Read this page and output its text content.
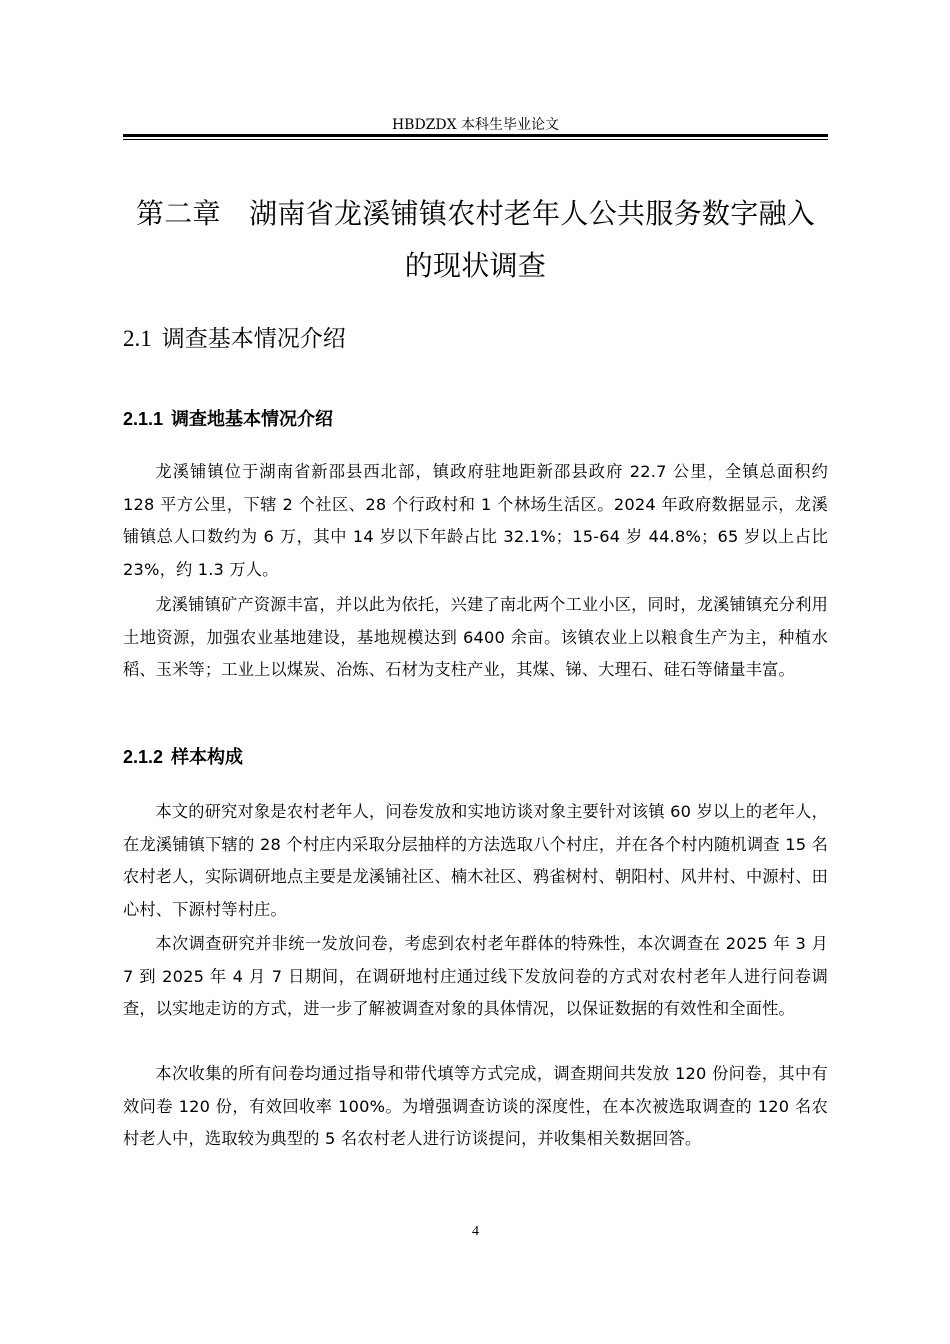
HBDZDX 本科生毕业论文
第二章　湖南省龙溪铺镇农村老年人公共服务数字融入
的现状调查
2.1 调查基本情况介绍
2.1.1 调查地基本情况介绍

龙溪铺镇位于湖南省新邵县西北部，镇政府驻地距新邵县政府 22.7 公里，全镇总面积约 128 平方公里，下辖 2 个社区、28 个行政村和 1 个林场生活区。2024 年政府数据显示，龙溪铺镇总人口数约为 6 万，其中 14 岁以下年龄占比 32.1%；15-64 岁 44.8%；65 岁以上占比 23%，约 1.3 万人。

龙溪铺镇矿产资源丰富，并以此为依托，兴建了南北两个工业小区，同时，龙溪铺镇充分利用土地资源，加强农业基地建设，基地规模达到 6400 余亩。该镇农业上以粮食生产为主，种植水稻、玉米等；工业上以煤炭、冶炼、石材为支柱产业，其煤、锑、大理石、硅石等储量丰富。

2.1.2 样本构成

本文的研究对象是农村老年人，问卷发放和实地访谈对象主要针对该镇 60 岁以上的老年人，在龙溪铺镇下辖的 28 个村庄内采取分层抽样的方法选取八个村庄，并在各个村内随机调查 15 名农村老人，实际调研地点主要是龙溪铺社区、楠木社区、鸦雀树村、朝阳村、风井村、中源村、田心村、下源村等村庄。

本次调查研究并非统一发放问卷，考虑到农村老年群体的特殊性，本次调查在 2025 年 3 月 7 到 2025 年 4 月 7 日期间，在调研地村庄通过线下发放问卷的方式对农村老年人进行问卷调查，以实地走访的方式，进一步了解被调查对象的具体情况，以保证数据的有效性和全面性。

本次收集的所有问卷均通过指导和带代填等方式完成，调查期间共发放 120 份问卷，其中有效问卷 120 份，有效回收率 100%。为增强调查访谈的深度性，在本次被选取调查的 120 名农村老人中，选取较为典型的 5 名农村老人进行访谈提问，并收集相关数据回答。

4
